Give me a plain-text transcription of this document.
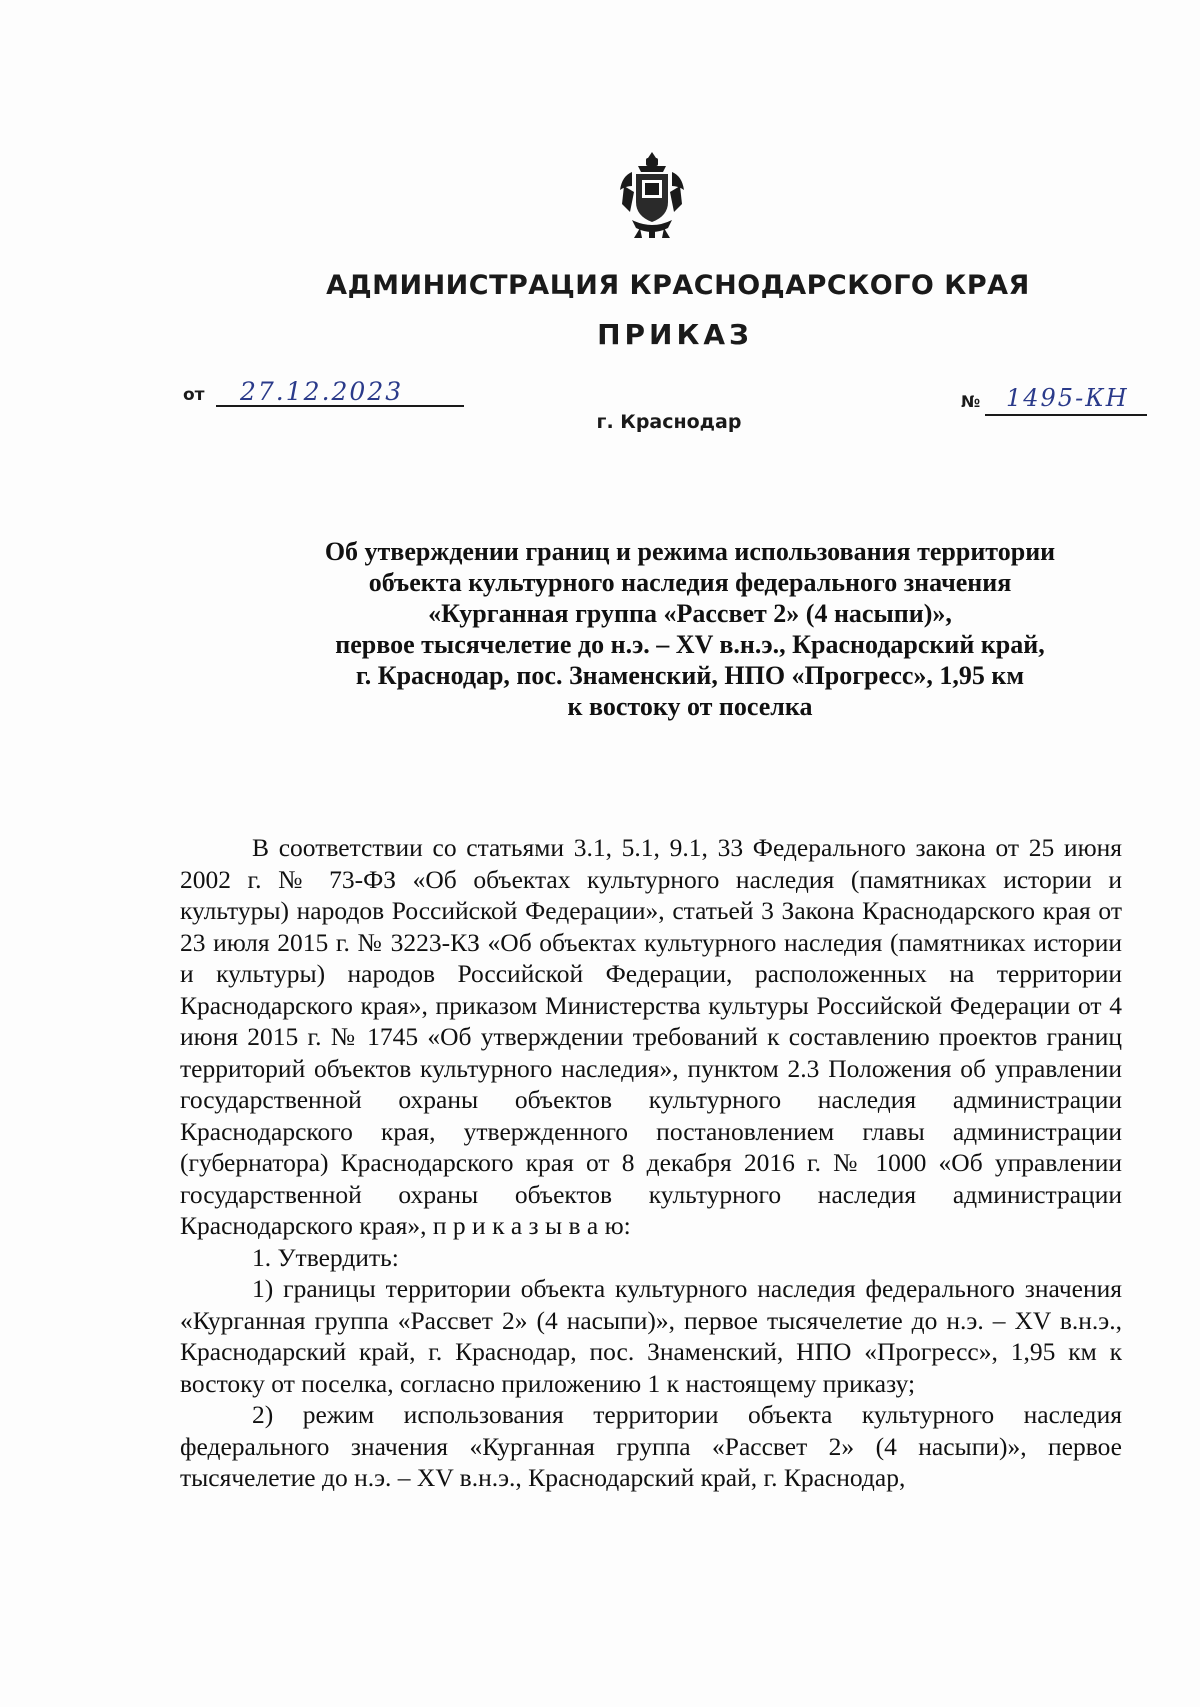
АДМИНИСТРАЦИЯ КРАСНОДАРСКОГО КРАЯ
ПРИКАЗ
от 27.12.2023	№ 1495-КН
г. Краснодар
Об утверждении границ и режима использования территории
объекта культурного наследия федерального значения
«Курганная группа «Рассвет 2» (4 насыпи)»,
первое тысячелетие до н.э. – XV в.н.э., Краснодарский край,
г. Краснодар, пос. Знаменский, НПО «Прогресс», 1,95 км
к востоку от поселка

В соответствии со статьями 3.1, 5.1, 9.1, 33 Федерального закона от 25 июня 2002 г. № 73-ФЗ «Об объектах культурного наследия (памятниках истории и культуры) народов Российской Федерации», статьей 3 Закона Краснодарского края от 23 июля 2015 г. № 3223-КЗ «Об объектах культурного наследия (памятниках истории и культуры) народов Российской Федерации, расположенных на территории Краснодарского края», приказом Министерства культуры Российской Федерации от 4 июня 2015 г. № 1745 «Об утверждении требований к составлению проектов границ территорий объектов культурного наследия», пунктом 2.3 Положения об управлении государственной охраны объектов культурного наследия администрации Краснодарского края, утвержденного постановлением главы администрации (губернатора) Краснодарского края от 8 декабря 2016 г. № 1000 «Об управлении государственной охраны объектов культурного наследия администрации Краснодарского края», п р и к а з ы в а ю:

1. Утвердить:

1) границы территории объекта культурного наследия федерального значения «Курганная группа «Рассвет 2» (4 насыпи)», первое тысячелетие до н.э. – XV в.н.э., Краснодарский край, г. Краснодар, пос. Знаменский, НПО «Прогресс», 1,95 км к востоку от поселка, согласно приложению 1 к настоящему приказу;

2) режим использования территории объекта культурного наследия федерального значения «Курганная группа «Рассвет 2» (4 насыпи)», первое тысячелетие до н.э. – XV в.н.э., Краснодарский край, г. Краснодар,
